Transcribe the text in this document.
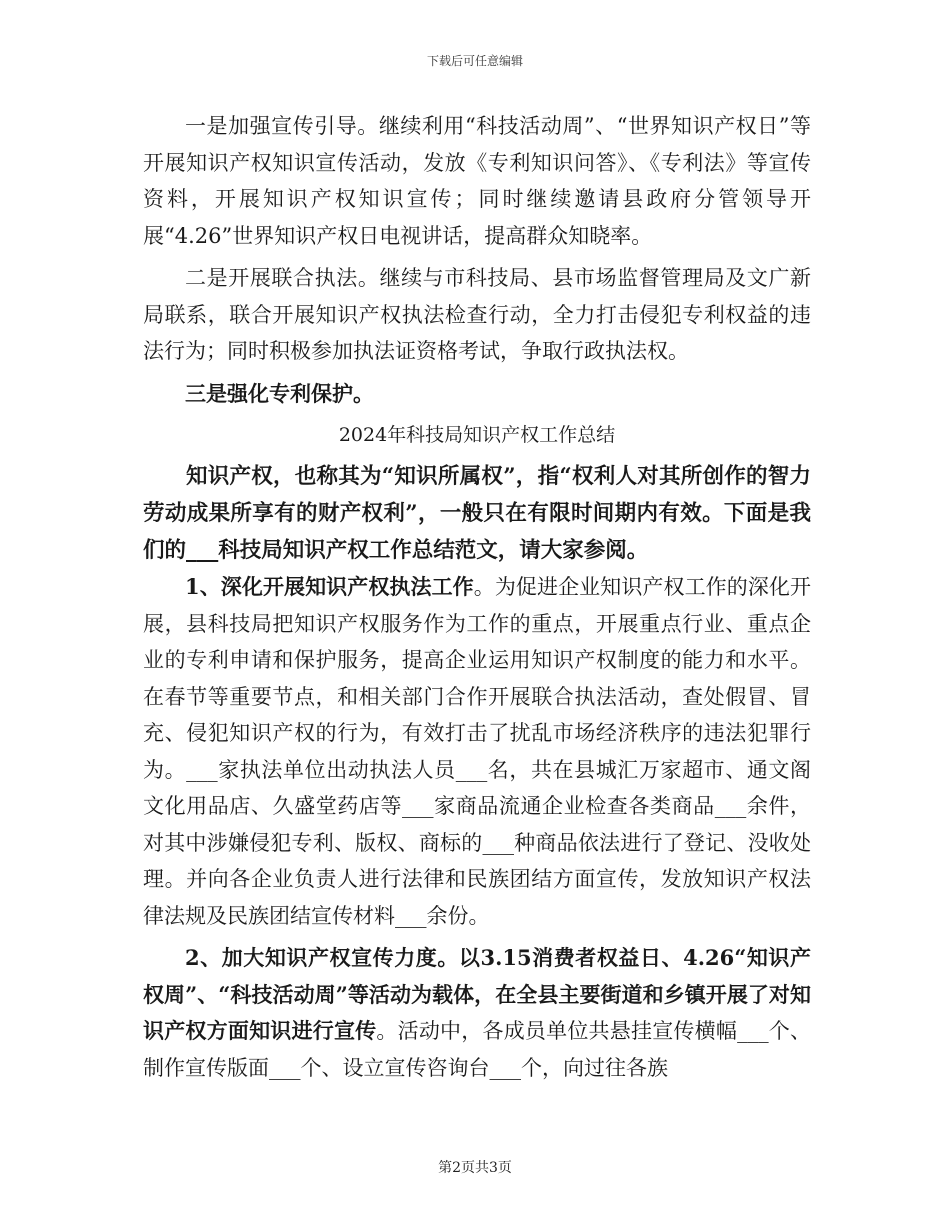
下载后可任意编辑

一是加强宣传引导。继续利用“科技活动周”、“世界知识产权日”等开展知识产权知识宣传活动，发放《专利知识问答》、《专利法》等宣传资料，开展知识产权知识宣传；同时继续邀请县政府分管领导开展“4.26”世界知识产权日电视讲话，提高群众知晓率。

二是开展联合执法。继续与市科技局、县市场监督管理局及文广新局联系，联合开展知识产权执法检查行动，全力打击侵犯专利权益的违法行为；同时积极参加执法证资格考试，争取行政执法权。

三是强化专利保护。

2024年科技局知识产权工作总结

知识产权，也称其为“知识所属权”，指“权利人对其所创作的智力劳动成果所享有的财产权利”，一般只在有限时间期内有效。下面是我们的___科技局知识产权工作总结范文，请大家参阅。

1、深化开展知识产权执法工作。为促进企业知识产权工作的深化开展，县科技局把知识产权服务作为工作的重点，开展重点行业、重点企业的专利申请和保护服务，提高企业运用知识产权制度的能力和水平。在春节等重要节点，和相关部门合作开展联合执法活动，查处假冒、冒充、侵犯知识产权的行为，有效打击了扰乱市场经济秩序的违法犯罪行为。___家执法单位出动执法人员___名，共在县城汇万家超市、通文阁文化用品店、久盛堂药店等___家商品流通企业检查各类商品___余件，对其中涉嫌侵犯专利、版权、商标的___种商品依法进行了登记、没收处理。并向各企业负责人进行法律和民族团结方面宣传，发放知识产权法律法规及民族团结宣传材料___余份。

2、加大知识产权宣传力度。以3.15消费者权益日、4.26“知识产权周”、“科技活动周”等活动为载体，在全县主要街道和乡镇开展了对知识产权方面知识进行宣传。活动中，各成员单位共悬挂宣传横幅___个、制作宣传版面___个、设立宣传咨询台___个，向过往各族

第2页共3页
